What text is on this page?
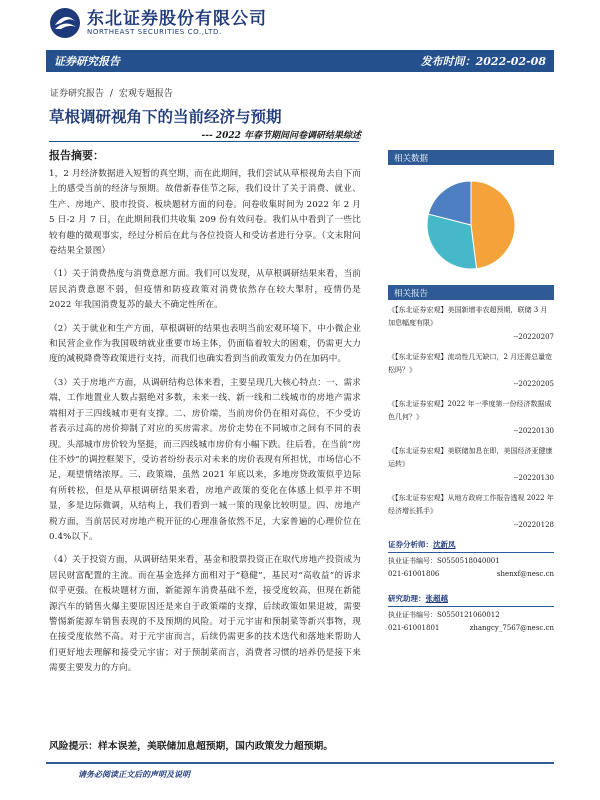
东北证券股份有限公司
NORTHEAST SECURITIES CO.,LTD.
证券研究报告	发布时间：2022-02-08
证券研究报告 / 宏观专题报告
草根调研视角下的当前经济与预期
--- 2022 年春节期间问卷调研结果综述
报告摘要：

1，2 月经济数据进入短暂的真空期，而在此期间，我们尝试从草根视角去自下而上的感受当前的经济与预期。故借新春佳节之际，我们设计了关于消费、就业、生产、房地产、股市投资、板块题材方面的问卷。问卷收集时间为 2022 年 2 月 5 日-2 月 7 日，在此期间我们共收集 209 份有效问卷。我们从中看到了一些比较有趣的微观事实，经过分析后在此与各位投资人和受访者进行分享。（文末附问卷结果全景图）

（1）关于消费热度与消费意愿方面。我们可以发现，从草根调研结果来看，当前居民消费意愿不弱，但疫情和防疫政策对消费依然存在较大掣肘，疫情仍是 2022 年我国消费复苏的最大不确定性所在。

（2）关于就业和生产方面，草根调研的结果也表明当前宏观环境下，中小微企业和民营企业作为我国吸纳就业重要市场主体，仍面临着较大的困难，仍需更大力度的减税降费等政策进行支持，而我们也确实看到当前政策发力仍在加码中。

（3）关于房地产方面，从调研结构总体来看，主要呈现几大核心特点：一、需求端，工作地置业人数占据绝对多数，未来一线、新一线和二线城市的房地产需求端相对于三四线城市更有支撑。二、房价端，当前房价仍在相对高位，不少受访者表示过高的房价抑制了对应的买房需求。房价走势在不同城市之间有不同的表现。头部城市房价较为坚挺，而三四线城市房价有小幅下跌。往后看，在当前“房住不炒”的调控框架下，受访者纷纷表示对未来的房价表现有所担忧，市场信心不足，观望情绪浓厚。三、政策端，虽然 2021 年底以来，多地房贷政策似乎边际有所转松，但是从草根调研结果来看，房地产政策的变化在体感上似乎并不明显，多是边际微调，从结构上，我们看到一城一策的现象比较明显。四、房地产税方面，当前居民对房地产税开征的心理准备依然不足，大家普遍的心理价位在 0.4%以下。

（4）关于投资方面，从调研结果来看，基金和股票投资正在取代房地产投资成为居民财富配置的主流。而在基金选择方面相对于“稳健”，基民对“高收益”的诉求似乎更强。在板块题材方面，新能源车消费基础不差，接受度较高，但现在新能源汽车的销售火爆主要原因还是来自于政策端的支撑，后续政策如果退坡，需要警惕新能源车销售表现的不及预期的风险。对于元宇宙和预制菜等新兴事物，现在接受度依然不高。对于元宇宙而言，后续仍需更多的技术迭代和落地来帮助人们更好地去理解和接受元宇宙；对于预制菜而言，消费者习惯的培养仍是接下来需要主要发力的方向。

风险提示：样本误差，美联储加息超预期，国内政策发力超预期。
相关数据
相关报告
《【东北证券宏观】美国新增非农超预期，联储 3 月加息幅度有限》
--20220207
《【东北证券宏观】流动性几无缺口，2 月还需总量宽松吗？》
--20220205
《【东北证券宏观】2022 年一季度第一份经济数据成色几何？》
--20220130
《【东北证券宏观】美联储加息在即，美国经济亚健康运转》
--20220130
《【东北证券宏观】从地方政府工作报告透视 2022 年经济增长抓手》
--20220128
证券分析师：沈新凤
执业证书编号：S0550518040001
021-61001806	shenxf@nesc.cn
研究助理：张超越
执业证书编号：S0550121060012
021-61001801	zhangcy_7567@nesc.cn
请务必阅读正文后的声明及说明
